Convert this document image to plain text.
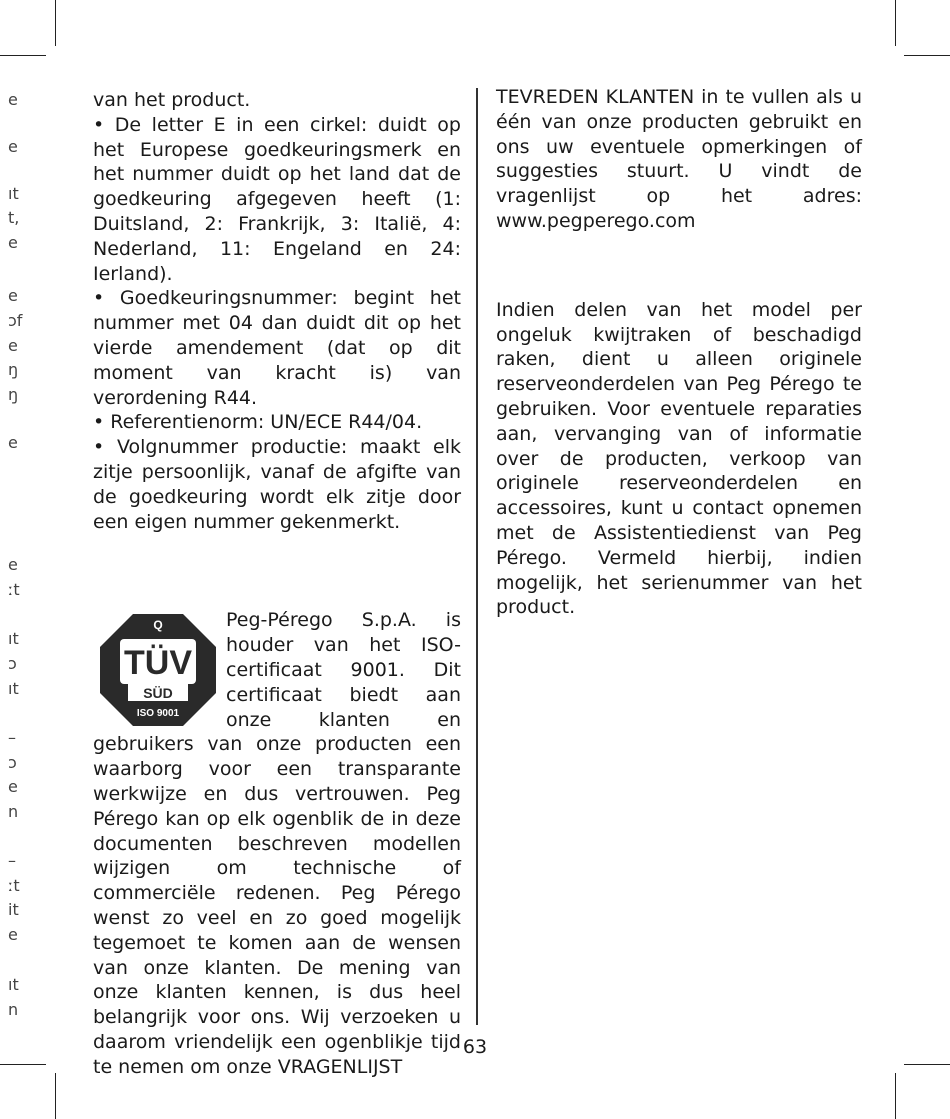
e
e
ıt
t,
e
e
ɔf
e
ŋ
ŋ
e
e
ːt
ıt
ɔ
ıt
–
ɔ
e
n
–
ːt
it
e
ıt
n

van het product.

• De letter E in een cirkel: duidt op het Europese goedkeuringsmerk en het nummer duidt op het land dat de goedkeuring afgegeven heeft (1: Duitsland, 2: Frankrijk, 3: Italië, 4: Nederland, 11: Engeland en 24: Ierland).

• Goedkeuringsnummer: begint het nummer met 04 dan duidt dit op het vierde amendement (dat op dit moment van kracht is) van verordening R44.

• Referentienorm: UN/ECE R44/04.

• Volgnummer productie: maakt elk zitje persoonlijk, vanaf de afgifte van de goedkeuring wordt elk zitje door een eigen nummer gekenmerkt.

Q
TÜV
SÜD
ISO 9001
Peg-Pérego S.p.A. is houder van het ISO-certificaat 9001. Dit certificaat biedt aan onze klanten en gebruikers van onze producten een waarborg voor een transparante werkwijze en dus vertrouwen. Peg Pérego kan op elk ogenblik de in deze documenten beschreven modellen wijzigen om technische of commerciële redenen. Peg Pérego wenst zo veel en zo goed mogelijk tegemoet te komen aan de wensen van onze klanten. De mening van onze klanten kennen, is dus heel belangrijk voor ons. Wij verzoeken u daarom vriendelijk een ogenblikje tijd te nemen om onze VRAGENLIJST

TEVREDEN KLANTEN in te vullen als u één van onze producten gebruikt en ons uw eventuele opmerkingen of suggesties stuurt. U vindt de vragenlijst op het adres: www.pegperego.com

Indien delen van het model per ongeluk kwijtraken of beschadigd raken, dient u alleen originele reserveonderdelen van Peg Pérego te gebruiken. Voor eventuele reparaties aan, vervanging van of informatie over de producten, verkoop van originele reserveonderdelen en accessoires, kunt u contact opnemen met de Assistentiedienst van Peg Pérego. Vermeld hierbij, indien mogelijk, het serienummer van het product.

63
